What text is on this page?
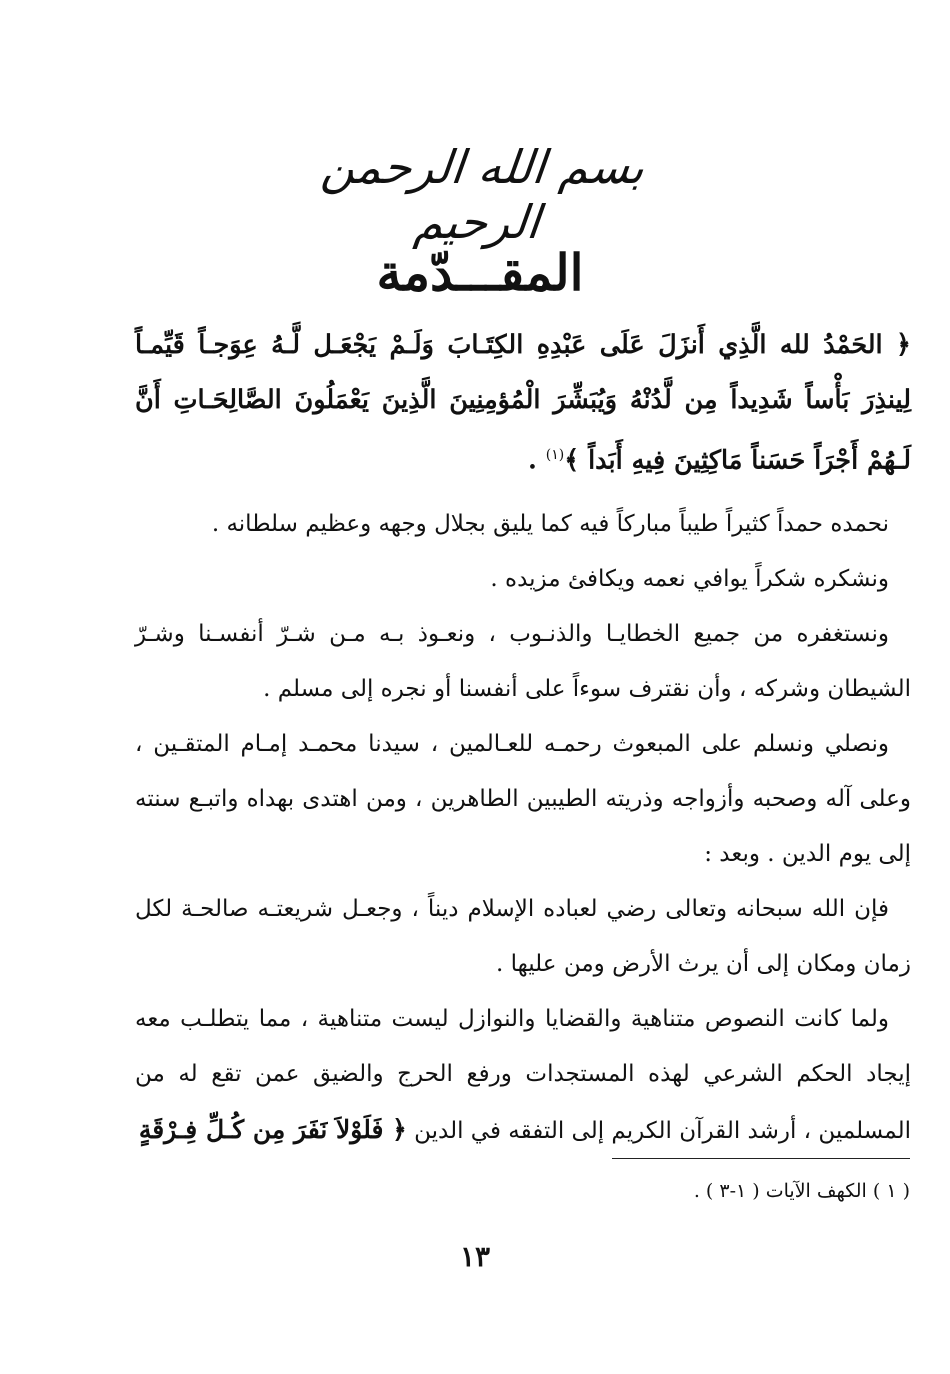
بسم الله الرحمن الرحيم
المقـــدّمة

﴿ الحَمْدُ لله الَّذِي أَنزَلَ عَلَى عَبْدِهِ الكِتَـابَ وَلَـمْ يَجْعَـل لَّـهُ عِوَجـاً قَيِّمـاً لِينذِرَ بَأْساً شَدِيداً مِن لَّدُنْهُ وَيُبَشِّرَ الْمُؤمِنِينَ الَّذِينَ يَعْمَلُونَ الصَّالِحَـاتِ أَنَّ لَـهُمْ أَجْرَاً حَسَناً مَاكِثِينَ فِيهِ أَبَداً ﴾$^{(١)}$ .

نحمده حمداً كثيراً طيباً مباركاً فيه كما يليق بجلال وجهه وعظيم سلطانه .

ونشكره شكراً يوافي نعمه ويكافئ مزيده .

ونستغفره من جميع الخطايـا والذنـوب ، ونعـوذ بـه مـن شـرّ أنفسـنا وشـرّ الشيطان وشركه ، وأن نقترف سوءاً على أنفسنا أو نجره إلى مسلم .

ونصلي ونسلم على المبعوث رحمـه للعـالمين ، سيدنا محمـد إمـام المتقـين ، وعلى آله وصحبه وأزواجه وذريته الطيبين الطاهرين ، ومن اهتدى بهداه واتبـع سنته إلى يوم الدين . وبعد :

فإن الله سبحانه وتعالى رضي لعباده الإسلام ديناً ، وجعـل شريعتـه صالحـة لكل زمان ومكان إلى أن يرث الأرض ومن عليها .

ولما كانت النصوص متناهية والقضايا والنوازل ليست متناهية ، مما يتطلـب معه إيجاد الحكم الشرعي لهذه المستجدات ورفع الحرج والضيق عمن تقع له من المسلمين ، أرشد القرآن الكريم إلى التفقه في الدين ﴿ فَلَوْلاَ نَفَرَ مِن كُـلِّ فِـرْقَةٍ

( ١ ) الكهف الآيات ( ١-٣ ) .
١٣
